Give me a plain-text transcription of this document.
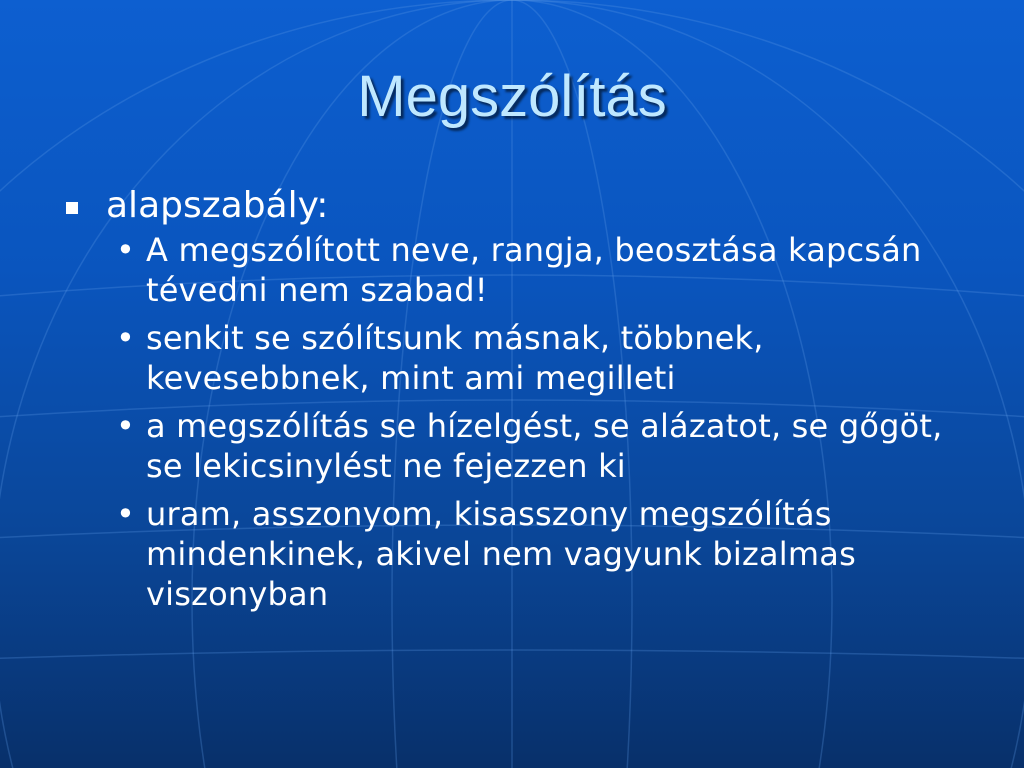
Megszólítás
alapszabály:
• A megszólított neve, rangja, beosztása kapcsán tévedni nem szabad!
• senkit se szólítsunk másnak, többnek, kevesebbnek, mint ami megilleti
• a megszólítás se hízelgést, se alázatot, se gőgöt, se lekicsinylést ne fejezzen ki
• uram, asszonyom, kisasszony megszólítás mindenkinek, akivel nem vagyunk bizalmas viszonyban
